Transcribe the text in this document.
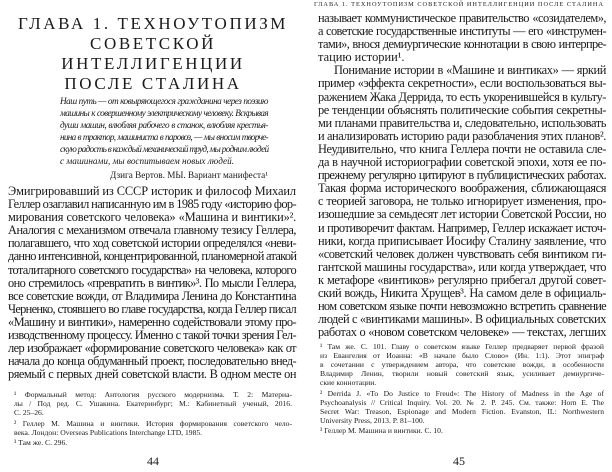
ГЛАВА 1. ТЕХНОУТОПИЗМ
СОВЕТСКОЙ ИНТЕЛЛИГЕНЦИИ
ПОСЛЕ СТАЛИНА
Наш путь — от ковыряющегося гражданина через поэзию
машины к совершенному электрическому человеку. Вскрывая
души машин, влюбляя рабочего в станок, влюбляя крестья-
нина в трактор, машиниста в паровоз, — мы вносим творче-
скую радость в каждый механический труд, мы родним людей
с машинами, мы воспитываем новых людей.
Дзига Вертов. МЫ. Вариант манифеста¹
Эмигрировавший из СССР историк и философ Михаил
Геллер озаглавил написанную им в 1985 году «историю фор-
мирования советского человека» «Машина и винтики»².
Аналогия с механизмом отвечала главному тезису Геллера,
полагавшего, что ход советской истории определялся «неви-
данно интенсивной, концентрированной, планомерной атакой
тоталитарного советского государства» на человека, которого
оно стремилось «превратить в винтик»³. По мысли Геллера,
все советские вожди, от Владимира Ленина до Константина
Черненко, стоявшего во главе государства, когда Геллер писал
«Машину и винтики», намеренно содействовали этому про-
изводственному процессу. Именно с такой точки зрения Гел-
лер изображает «формирование советского человека» как от
начала до конца обдуманный проект, последовательно внед-
ряемый с первых дней советской власти. В одном месте он
¹ Формальный метод: Антология русского модернизма. Т. 2: Материа-
лы / Под ред. С. Ушакина. Екатеринбург; М.: Кабинетный ученый, 2016.
С. 25–26.
² Геллер М. Машина и винтики. История формирования советского чело-
века. Лондон: Overseas Publications Interchange LTD, 1985.
³ Там же. С. 296.
44
ГЛАВА 1. ТЕХНОУТОПИЗМ СОВЕТСКОЙ ИНТЕЛЛИГЕНЦИИ ПОСЛЕ СТАЛИНА
называет коммунистическое правительство «созидателем»,
а советские государственные институты — его «инструмен-
тами», внося демиургические коннотации в свою интерпре-
тацию истории¹.
Понимание истории в «Машине и винтиках» — яркий
пример «эффекта секретности», если воспользоваться вы-
ражением Жака Деррида, то есть укоренившейся в культу-
ре тенденции объяснять политические события секретны-
ми планами правительства и, следовательно, использовать
и анализировать историю ради разоблачения этих планов².
Неудивительно, что книга Геллера почти не оставила сле-
да в научной историографии советской эпохи, хотя ее по-
прежнему регулярно цитируют в публицистических работах.
Такая форма исторического воображения, сближающаяся
с теорией заговора, не только игнорирует изменения, про-
изошедшие за семьдесят лет истории Советской России, но
и противоречит фактам. Например, Геллер искажает источ-
ники, когда приписывает Иосифу Сталину заявление, что
«советский человек должен чувствовать себя винтиком ги-
гантской машины государства», или когда утверждает, что
к метафоре «винтиков» регулярно прибегал другой совет-
ский вождь, Никита Хрущев³. На самом деле в официаль-
ном советском языке почти невозможно встретить сравнение
людей с «винтиками машины». В официальных советских
работах о «новом советском человеке» — текстах, легших
¹ Там же. С. 101. Главу о советском языке Геллер предваряет первой фразой
из Евангелия от Иоанна: «В начале было Слово» (Ин. 1:1). Этот эпиграф
в сочетании с утверждением автора, что советские вожди, в особенности
Владимир Ленин, творили новый советский язык, усиливает демиургиче-
ские коннотации.
² Derrida J. «To Do Justice to Freud»: The History of Madness in the Age of
Psychoanalysis // Critical Inquiry. Vol. 20. № 2. P. 245. См. также: Horn E. The
Secret War: Treason, Espionage and Modern Fiction. Evanston, IL: Northwestern
University Press, 2013. P. 81–100.
³ Геллер М. Машина и винтики. С. 10.
45
